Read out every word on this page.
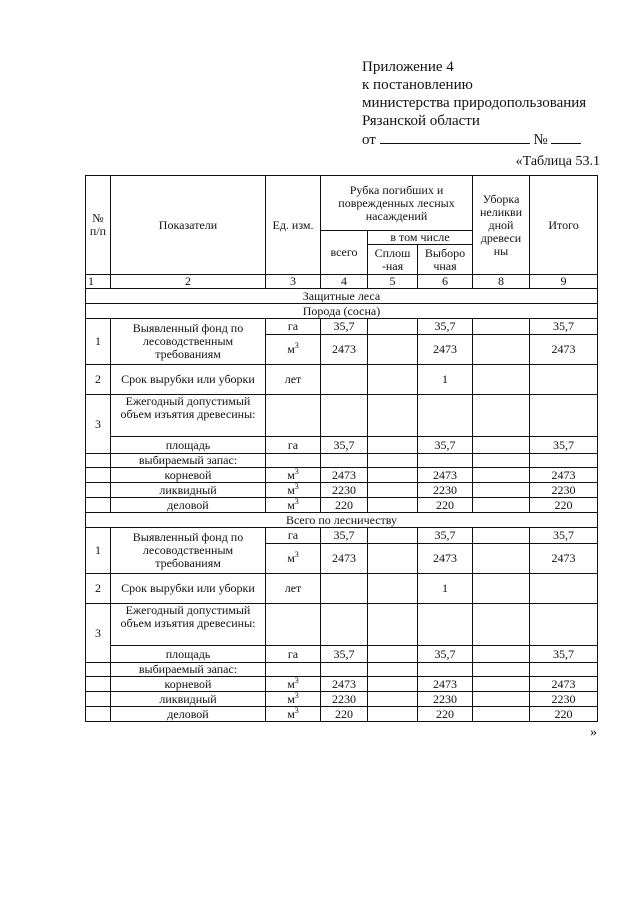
Приложение 4
к постановлению
министерства природопользования
Рязанской области
от	№
«Таблица 53.1
№ п/п	Показатели	Ед. изм.	Рубка погибших и поврежденных лесных насаждений			Уборка неликви дной древеси ны	Итого
			всего	в том числе			
				Сплош -ная	Выборо чная		
1	2	3	4	5	6	8	9
Защитные леса							
Порода (сосна)							
1	Выявленный фонд по лесоводственным требованиям	га	35,7		35,7		35,7
		$м^3$	2473		2473		2473
2	Срок вырубки или уборки	лет			1		
3	Ежегодный допустимый объем изъятия древесины:						
	площадь	га	35,7		35,7		35,7
	выбираемый запас:						
	корневой	$м^3$	2473		2473		2473
	ликвидный	$м^3$	2230		2230		2230
	деловой	$м^3$	220		220		220
Всего по лесничеству							
1	Выявленный фонд по лесоводственным требованиям	га	35,7		35,7		35,7
		$м^3$	2473		2473		2473
2	Срок вырубки или уборки	лет			1		
3	Ежегодный допустимый объем изъятия древесины:						
	площадь	га	35,7		35,7		35,7
	выбираемый запас:						
	корневой	$м^3$	2473		2473		2473
	ликвидный	$м^3$	2230		2230		2230
	деловой	$м^3$	220		220		220
»
